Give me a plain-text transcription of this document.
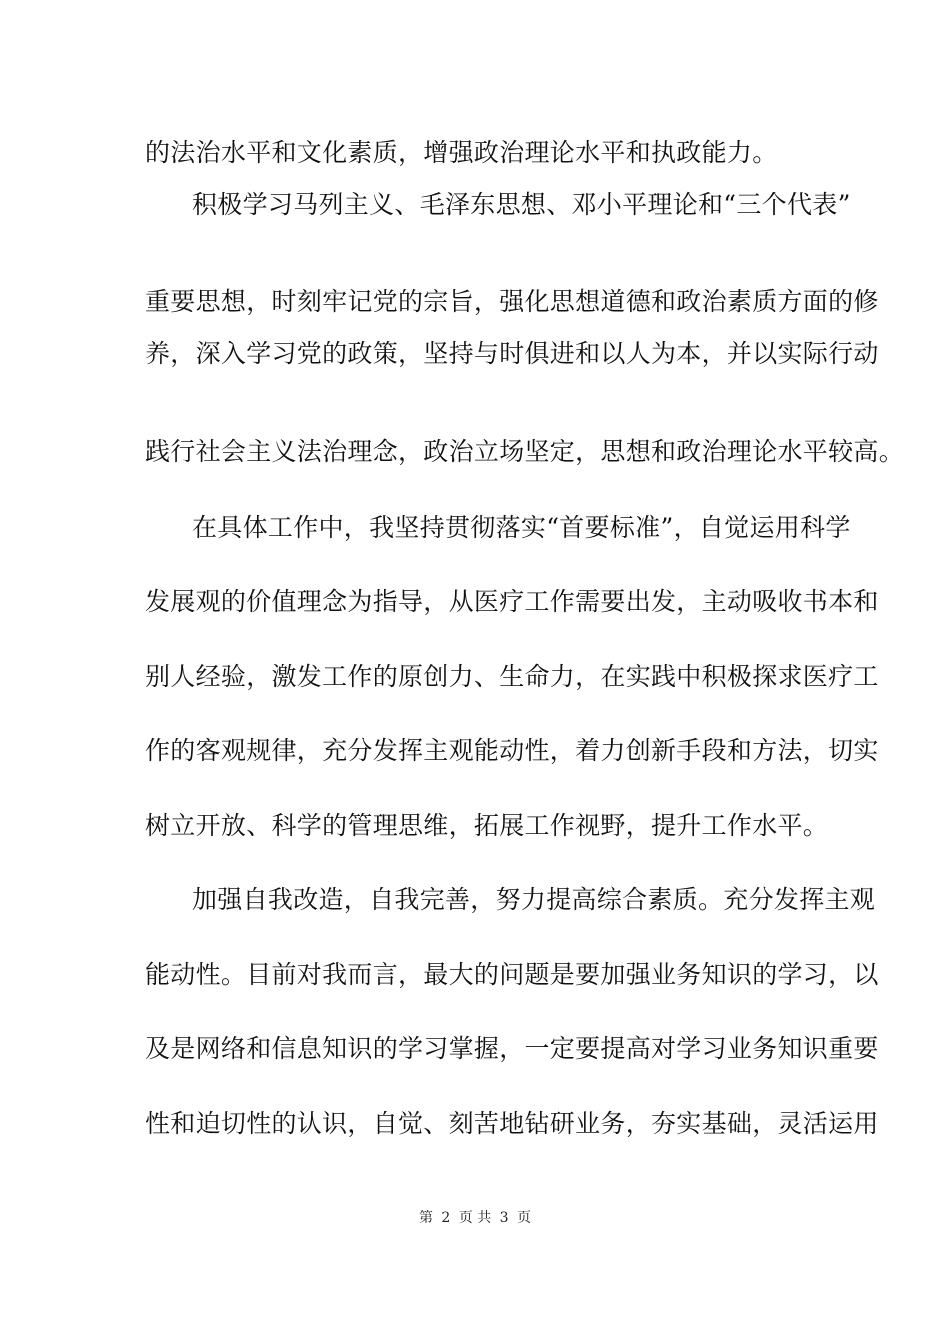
的法治水平和文化素质，增强政治理论水平和执政能力。
积极学习马列主义、毛泽东思想、邓小平理论和“三个代表”
重要思想，时刻牢记党的宗旨，强化思想道德和政治素质方面的修
养，深入学习党的政策，坚持与时俱进和以人为本，并以实际行动
践行社会主义法治理念，政治立场坚定，思想和政治理论水平较高。
在具体工作中，我坚持贯彻落实“首要标准”，自觉运用科学
发展观的价值理念为指导，从医疗工作需要出发，主动吸收书本和
别人经验，激发工作的原创力、生命力，在实践中积极探求医疗工
作的客观规律，充分发挥主观能动性，着力创新手段和方法，切实
树立开放、科学的管理思维，拓展工作视野，提升工作水平。
加强自我改造，自我完善，努力提高综合素质。充分发挥主观
能动性。目前对我而言，最大的问题是要加强业务知识的学习，以
及是网络和信息知识的学习掌握，一定要提高对学习业务知识重要
性和迫切性的认识，自觉、刻苦地钻研业务，夯实基础，灵活运用
第 2 页 共 3 页
